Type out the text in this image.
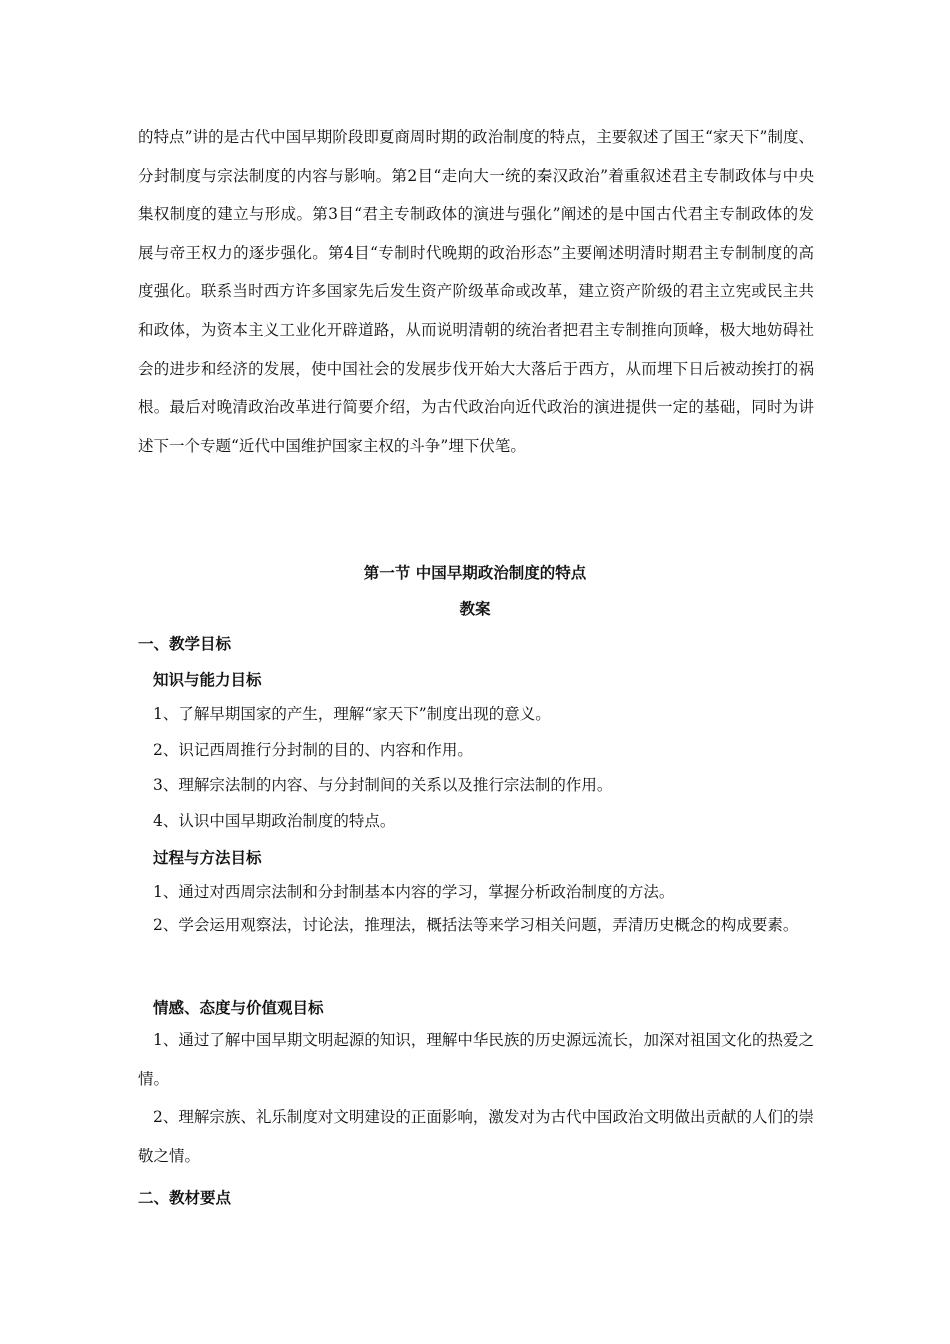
的特点”讲的是古代中国早期阶段即夏商周时期的政治制度的特点，主要叙述了国王“家天下”制度、分封制度与宗法制度的内容与影响。第2目“走向大一统的秦汉政治”着重叙述君主专制政体与中央集权制度的建立与形成。第3目“君主专制政体的演进与强化”阐述的是中国古代君主专制政体的发展与帝王权力的逐步强化。第4目“专制时代晚期的政治形态”主要阐述明清时期君主专制制度的高度强化。联系当时西方许多国家先后发生资产阶级革命或改革，建立资产阶级的君主立宪或民主共和政体，为资本主义工业化开辟道路，从而说明清朝的统治者把君主专制推向顶峰，极大地妨碍社会的进步和经济的发展，使中国社会的发展步伐开始大大落后于西方，从而埋下日后被动挨打的祸根。最后对晚清政治改革进行简要介绍，为古代政治向近代政治的演进提供一定的基础，同时为讲述下一个专题“近代中国维护国家主权的斗争”埋下伏笔。

第一节 中国早期政治制度的特点

教案

一、教学目标

知识与能力目标

1、了解早期国家的产生，理解“家天下”制度出现的意义。

2、识记西周推行分封制的目的、内容和作用。

3、理解宗法制的内容、与分封制间的关系以及推行宗法制的作用。

4、认识中国早期政治制度的特点。

过程与方法目标

1、通过对西周宗法制和分封制基本内容的学习，掌握分析政治制度的方法。

2、学会运用观察法，讨论法，推理法，概括法等来学习相关问题，弄清历史概念的构成要素。

情感、态度与价值观目标

1、通过了解中国早期文明起源的知识，理解中华民族的历史源远流长，加深对祖国文化的热爱之情。

2、理解宗族、礼乐制度对文明建设的正面影响，激发对为古代中国政治文明做出贡献的人们的崇敬之情。

二、教材要点
